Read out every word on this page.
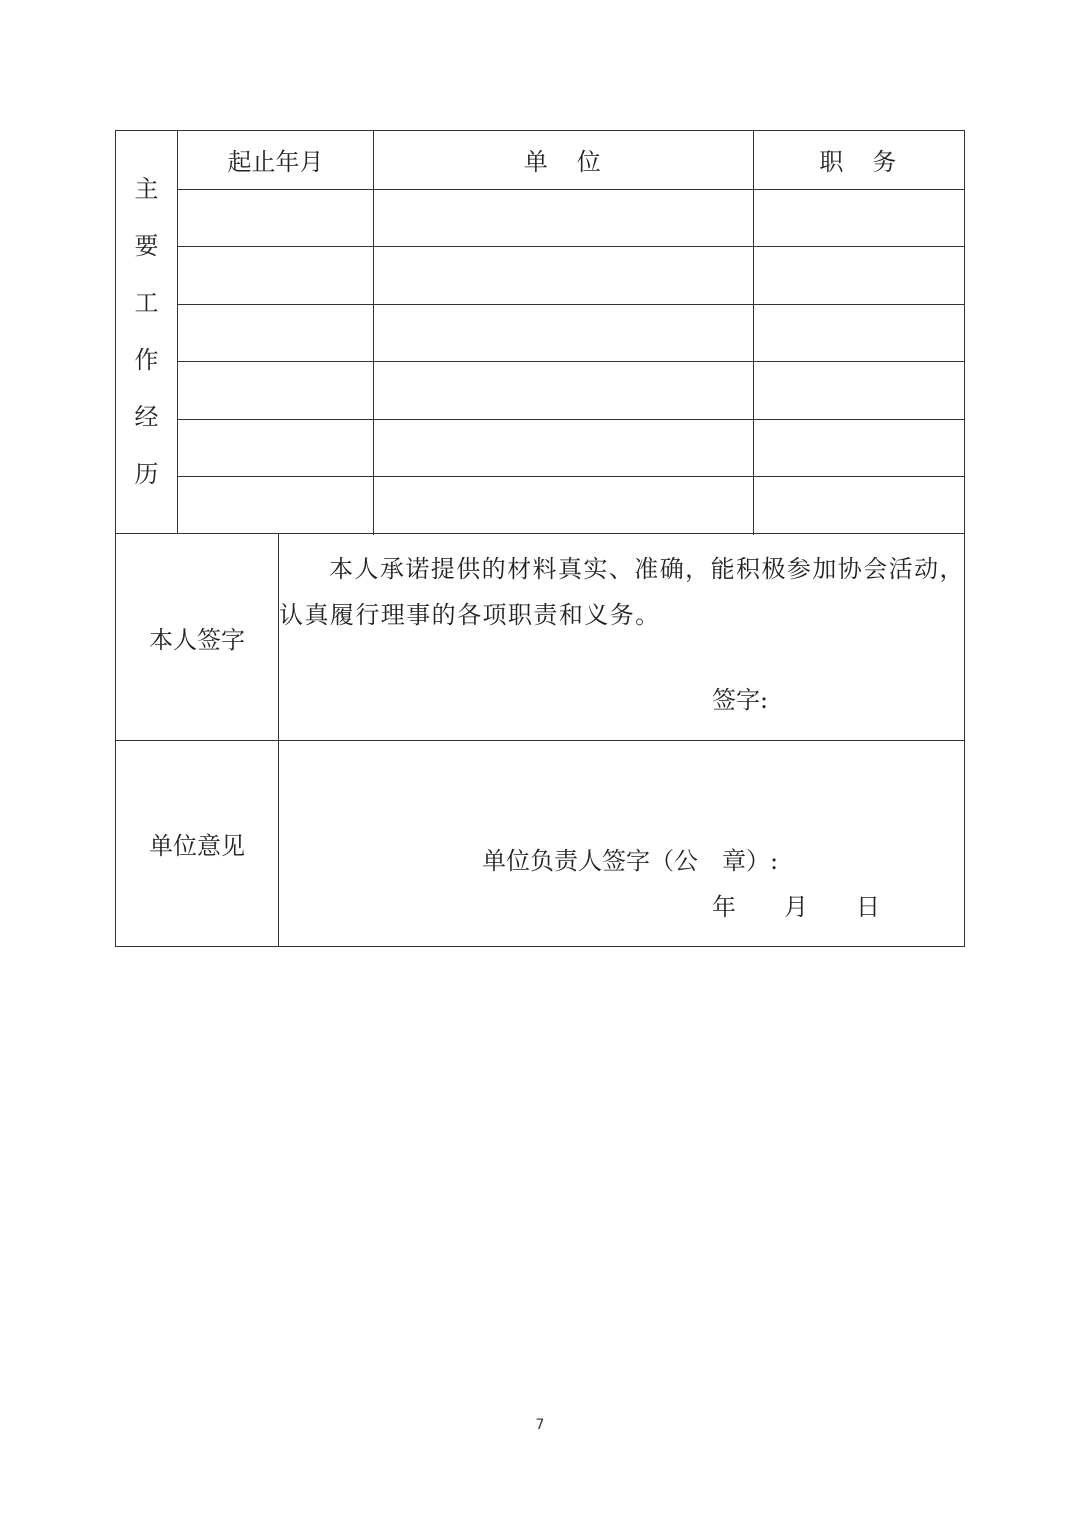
主
要
工
作
经
历
起止年月	单　位	职　务
本人签字

本人承诺提供的材料真实、准确，能积极参加协会活动，

认真履行理事的各项职责和义务。

签字:
单位意见
单位负责人签字（公　章）:
年　　月　　日
7
